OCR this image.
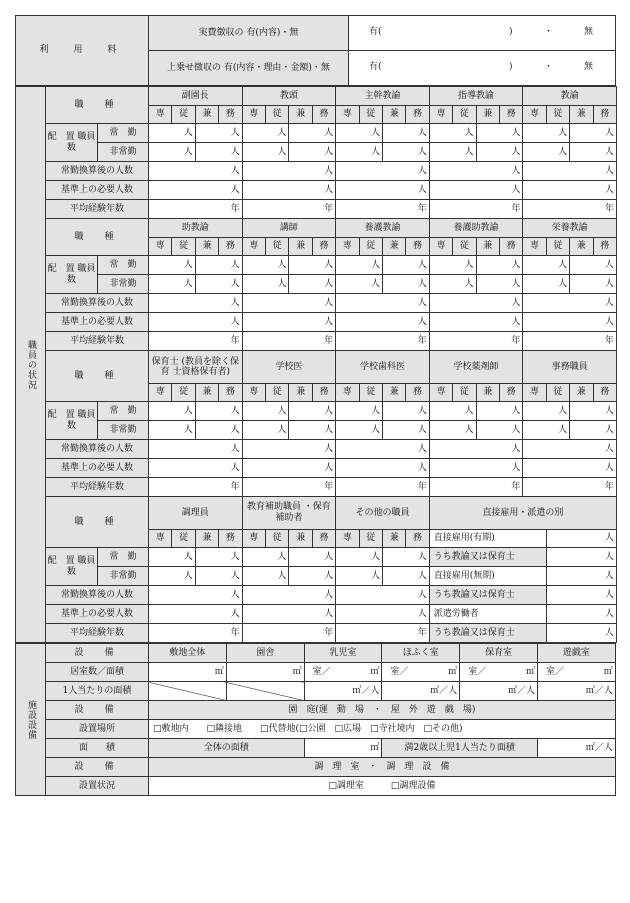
利　用　料	実費徴収の 有(内容)・無	有( ) ・ 無

	上乗せ徴収の 有(内容・理由・金額)・無	有( ) ・ 無
職員の状況	職　種		副園長				教頭				主幹教諭				指導教諭				教諭			
			専	従	兼	務	専	従	兼	務	専	従	兼	務	専	従	兼	務	専	従	兼	務
	配　置 職員数	常　勤	人		人		人		人		人		人		人		人		人		人	
		非常勤	人		人		人		人		人		人		人		人		人		人	
	常勤換算後の人数		人				人				人				人				人			
	基準上の必要人数		人				人				人				人				人			
	平均経験年数		年				年				年				年				年			
	職　種		助教諭				講師				養護教諭				養護助教諭				栄養教諭			
			専	従	兼	務	専	従	兼	務	専	従	兼	務	専	従	兼	務	専	従	兼	務
	配　置 職員数	常　勤	人		人		人		人		人		人		人		人		人		人	
		非常勤	人		人		人		人		人		人		人		人		人		人	
	常勤換算後の人数		人				人				人				人				人			
	基準上の必要人数		人				人				人				人				人			
	平均経験年数		年				年				年				年				年			
	職　種		保育士 (教員を除く保育 士資格保有者)				学校医				学校歯科医				学校薬剤師				事務職員			
			専	従	兼	務	専	従	兼	務	専	従	兼	務	専	従	兼	務	専	従	兼	務
	配　置 職員数	常　勤	人		人		人		人		人		人		人		人		人		人	
		非常勤	人		人		人		人		人		人		人		人		人		人	
	常勤換算後の人数		人				人				人				人				人			
	基準上の必要人数		人				人				人				人				人			
	平均経験年数		年				年				年				年				年			
	職　種		調理員				教育補助職員 ・保育補助者				その他の職員				直接雇用・派遣の別							
			専	従	兼	務	専	従	兼	務	専	従	兼	務	直接雇用(有期)					人		
	配　置 職員数	常　勤	人		人		人		人		人		人		うち教諭又は保育士					人		
		非常勤	人		人		人		人		人		人		直接雇用(無期)					人		
	常勤換算後の人数		人				人				人				うち教諭又は保育士					人		
	基準上の必要人数		人				人				人				派遣労働者					人		
	平均経験年数		年				年				年				うち教諭又は保育士					人		
施設設備	設　備	敷地全体	園舎	乳児室	ほふく室	保育室	遊戯室
	居室数／面積	㎡	㎡	室／ ㎡	室／ ㎡	室／ ㎡	室／ ㎡
	1人当たりの面積			㎡／人	㎡／人	㎡／人	㎡／人
	設　備	園　庭(運　動　場　・　屋　外　遊　戯　場)					
	設置場所	□敷地内　　□隣接地　　□代替地(□公園　□広場　□寺社境内　□その他)					
	面　　積	全体の面積		㎡	満2歳以上児1人当たり面積		㎡／人
	設　備	調　理　室　・　調　理　設　備					
	設置状況	□調理室　　　□調理設備					
